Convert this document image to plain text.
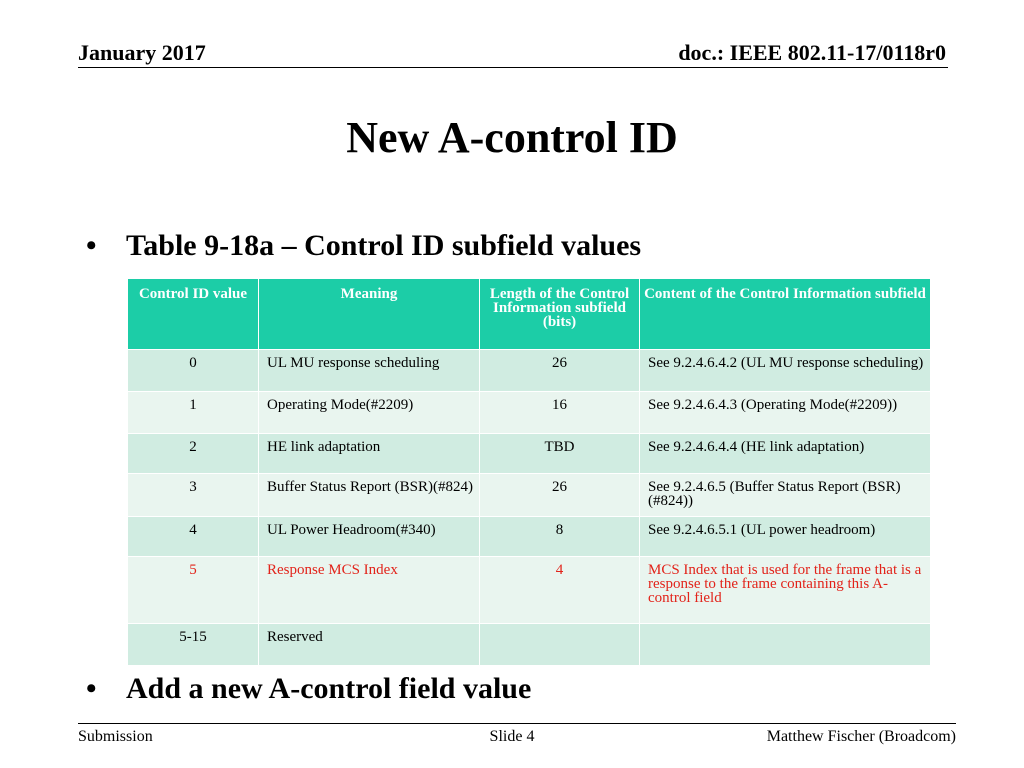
January 2017	doc.: IEEE 802.11-17/0118r0
New A-control ID
• Table 9-18a – Control ID subfield values
Control ID value	Meaning	Length of the Control Information subfield (bits)	Content of the Control Information subfield
0	UL MU response scheduling	26	See 9.2.4.6.4.2 (UL MU response scheduling)
1	Operating Mode(#2209)	16	See 9.2.4.6.4.3 (Operating Mode(#2209))
2	HE link adaptation	TBD	See 9.2.4.6.4.4 (HE link adaptation)
3	Buffer Status Report (BSR)(#824)	26	See 9.2.4.6.5 (Buffer Status Report (BSR)(#824))
4	UL Power Headroom(#340)	8	See 9.2.4.6.5.1 (UL power headroom)
5	Response MCS Index	4	MCS Index that is used for the frame that is a response to the frame containing this A-control field
5-15	Reserved		
• Add a new A-control field value
Submission	Slide 4	Matthew Fischer (Broadcom)
